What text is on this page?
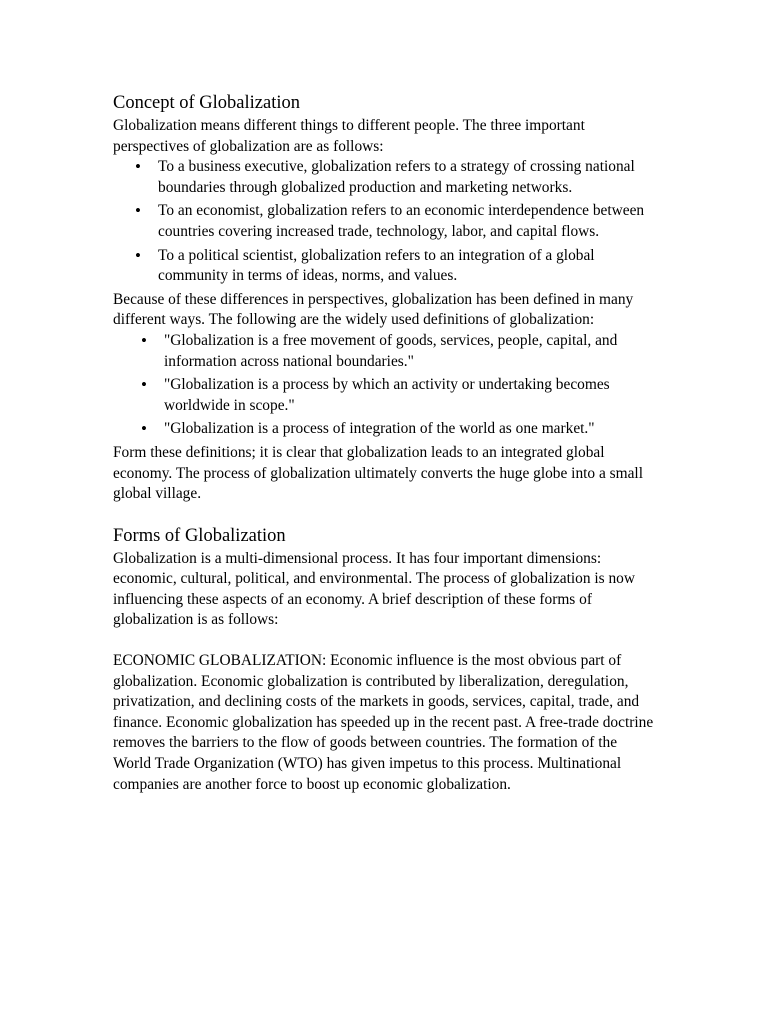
Concept of Globalization

Globalization means different things to different people. The three important perspectives of globalization are as follows:

• To a business executive, globalization refers to a strategy of crossing national boundaries through globalized production and marketing networks.
• To an economist, globalization refers to an economic interdependence between countries covering increased trade, technology, labor, and capital flows.
• To a political scientist, globalization refers to an integration of a global community in terms of ideas, norms, and values.

Because of these differences in perspectives, globalization has been defined in many different ways. The following are the widely used definitions of globalization:

• "Globalization is a free movement of goods, services, people, capital, and information across national boundaries."
• "Globalization is a process by which an activity or undertaking becomes worldwide in scope."
• "Globalization is a process of integration of the world as one market."

Form these definitions; it is clear that globalization leads to an integrated global economy. The process of globalization ultimately converts the huge globe into a small global village.

Forms of Globalization

Globalization is a multi-dimensional process. It has four important dimensions: economic, cultural, political, and environmental. The process of globalization is now influencing these aspects of an economy. A brief description of these forms of globalization is as follows:

ECONOMIC GLOBALIZATION: Economic influence is the most obvious part of globalization. Economic globalization is contributed by liberalization, deregulation, privatization, and declining costs of the markets in goods, services, capital, trade, and finance. Economic globalization has speeded up in the recent past. A free-trade doctrine removes the barriers to the flow of goods between countries. The formation of the World Trade Organization (WTO) has given impetus to this process. Multinational companies are another force to boost up economic globalization.
